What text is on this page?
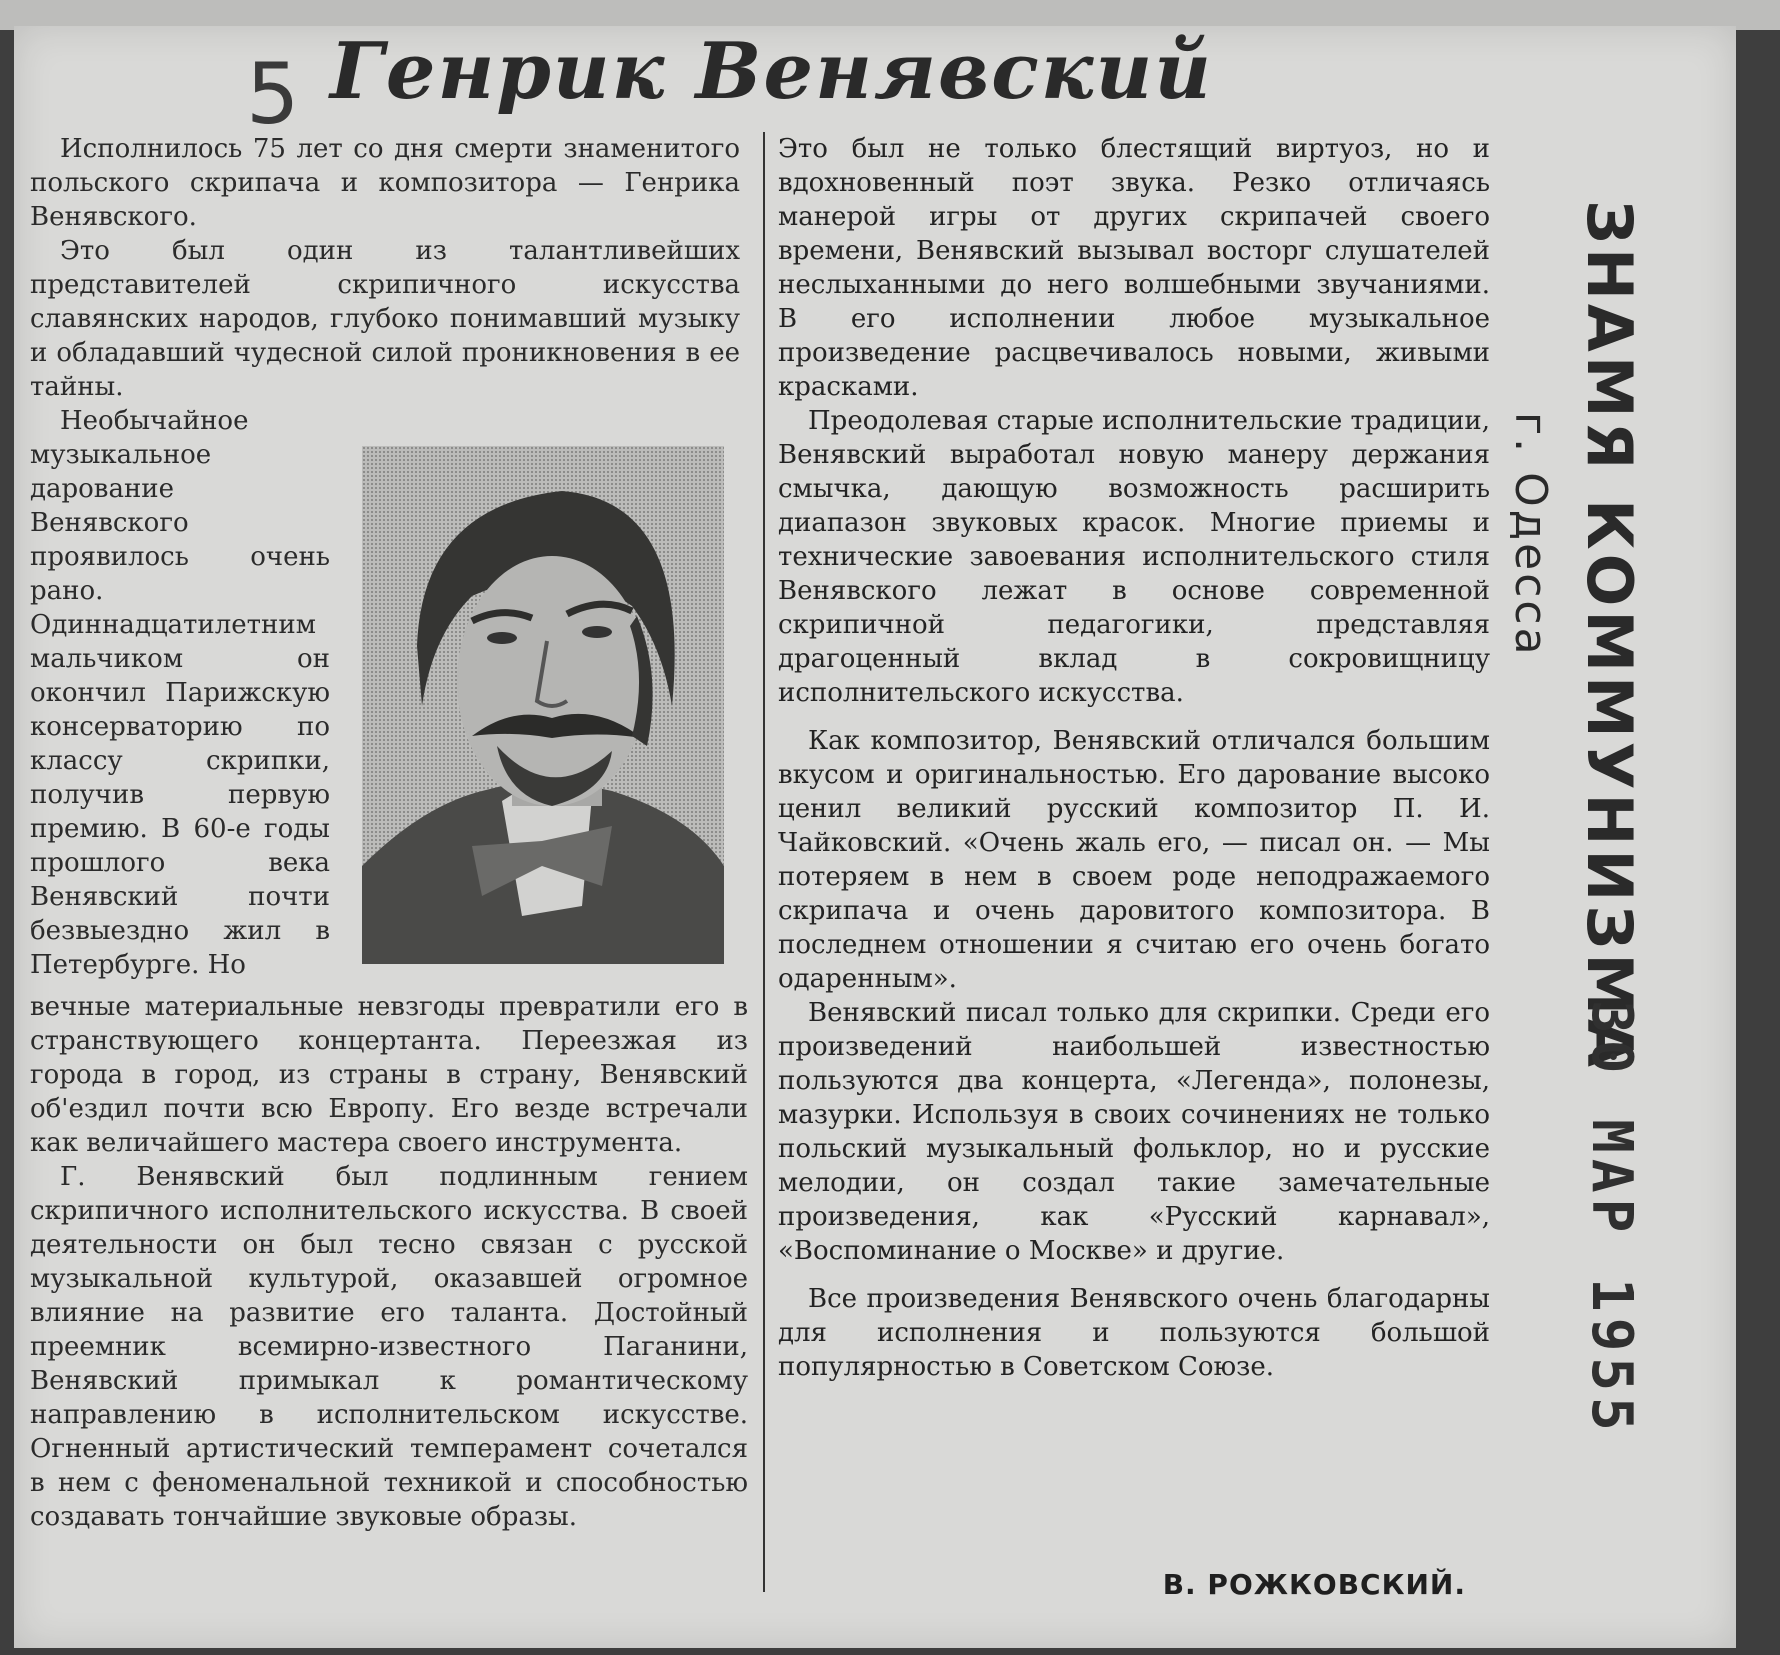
5 Генрик Венявский

Исполнилось 75 лет со дня смерти знаменитого польского скрипача и композитора — Генрика Венявского.

Это был один из талантливейших представителей скрипичного искусства славянских народов, глубоко понимавший музыку и обладавший чудесной силой проникновения в ее тайны.

Необычайное музыкальное дарование Венявского проявилось очень рано. Одиннадцатилетним мальчиком он окончил Парижскую консерваторию по классу скрипки, получив первую премию. В 60-е годы прошлого века Венявский почти безвыездно жил в Петербурге. Но

вечные материальные невзгоды превратили его в странствующего концертанта. Переезжая из города в город, из страны в страну, Венявский об'ездил почти всю Европу. Его везде встречали как величайшего мастера своего инструмента.

Г. Венявский был подлинным гением скрипичного исполнительского искусства. В своей деятельности он был тесно связан с русской музыкальной культурой, оказавшей огромное влияние на развитие его таланта. Достойный преемник всемирно-известного Паганини, Венявский примыкал к романтическому направлению в исполнительском искусстве. Огненный артистический темперамент сочетался в нем с феноменальной техникой и способностью создавать тончайшие звуковые образы.

Это был не только блестящий виртуоз, но и вдохновенный поэт звука. Резко отличаясь манерой игры от других скрипачей своего времени, Венявский вызывал восторг слушателей неслыханными до него волшебными звучаниями. В его исполнении любое музыкальное произведение расцвечивалось новыми, живыми красками.

Преодолевая старые исполнительские традиции, Венявский выработал новую манеру держания смычка, дающую возможность расширить диапазон звуковых красок. Многие приемы и технические завоевания исполнительского стиля Венявского лежат в основе современной скрипичной педагогики, представляя драгоценный вклад в сокровищницу исполнительского искусства.

Как композитор, Венявский отличался большим вкусом и оригинальностью. Его дарование высоко ценил великий русский композитор П. И. Чайковский. «Очень жаль его, — писал он. — Мы потеряем в нем в своем роде неподражаемого скрипача и очень даровитого композитора. В последнем отношении я считаю его очень богато одаренным».

Венявский писал только для скрипки. Среди его произведений наибольшей известностью пользуются два концерта, «Легенда», полонезы, мазурки. Используя в своих сочинениях не только польский музыкальный фольклор, но и русские мелодии, он создал такие замечательные произведения, как «Русский карнавал», «Воспоминание о Москве» и другие.

Все произведения Венявского очень благодарны для исполнения и пользуются большой популярностью в Советском Союзе.

В. РОЖКОВСКИЙ.
ЗНАМЯ КОММУНИЗМА
г. Одесса
30 МАР 1955
